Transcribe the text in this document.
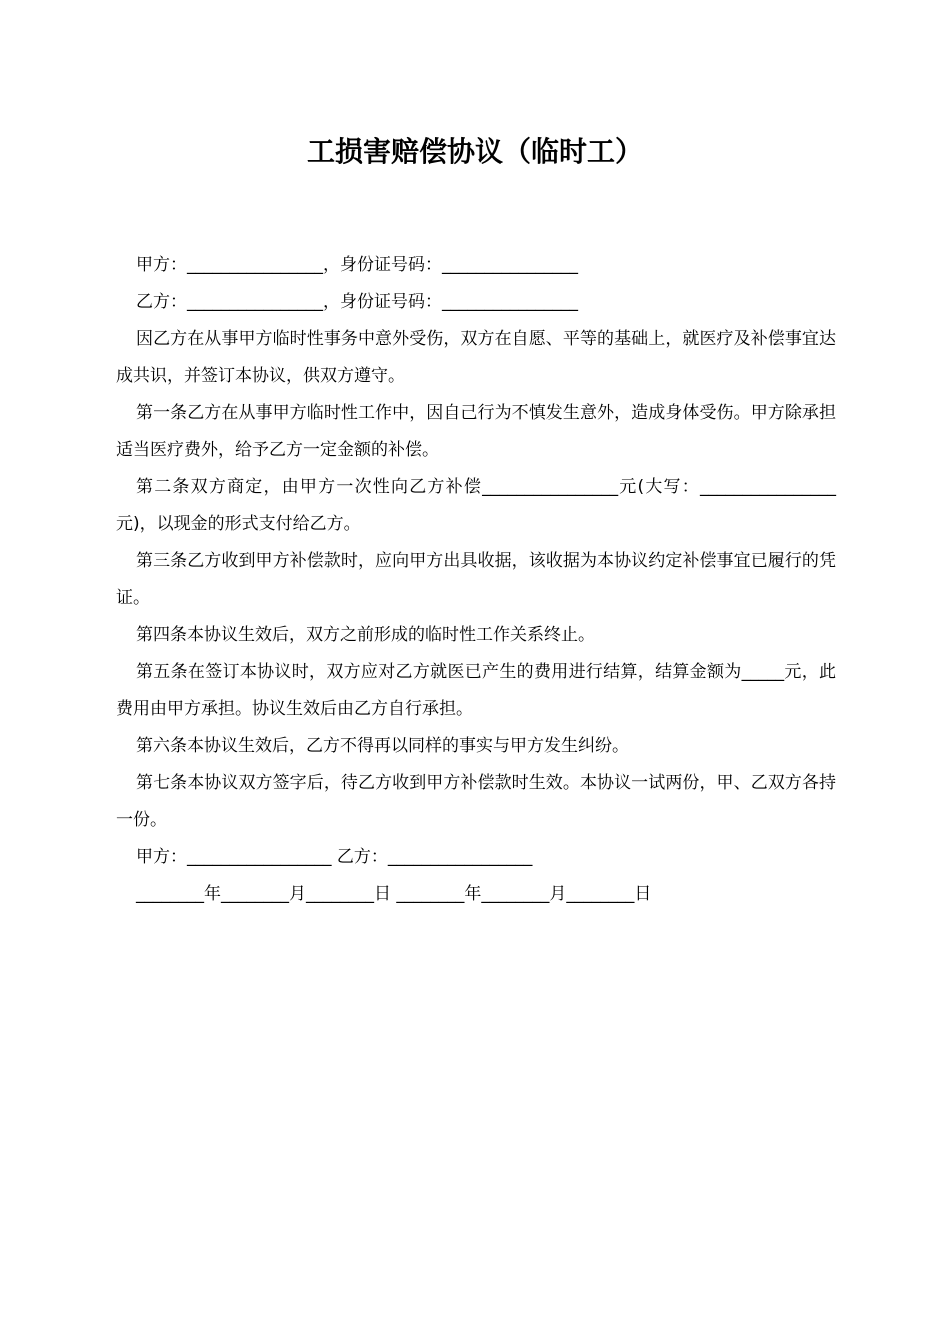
工损害赔偿协议（临时工）

甲方：________________，身份证号码：________________

乙方：________________，身份证号码：________________

因乙方在从事甲方临时性事务中意外受伤，双方在自愿、平等的基础上，就医疗及补偿事宜达成共识，并签订本协议，供双方遵守。

第一条乙方在从事甲方临时性工作中，因自己行为不慎发生意外，造成身体受伤。甲方除承担适当医疗费外，给予乙方一定金额的补偿。

第二条双方商定，由甲方一次性向乙方补偿________________元(大写：________________元)，以现金的形式支付给乙方。

第三条乙方收到甲方补偿款时，应向甲方出具收据，该收据为本协议约定补偿事宜已履行的凭证。

第四条本协议生效后，双方之前形成的临时性工作关系终止。

第五条在签订本协议时，双方应对乙方就医已产生的费用进行结算，结算金额为_____元，此费用由甲方承担。协议生效后由乙方自行承担。

第六条本协议生效后，乙方不得再以同样的事实与甲方发生纠纷。

第七条本协议双方签字后，待乙方收到甲方补偿款时生效。本协议一试两份，甲、乙双方各持一份。

甲方：_________________ 乙方：_________________

________年________月________日 ________年________月________日
